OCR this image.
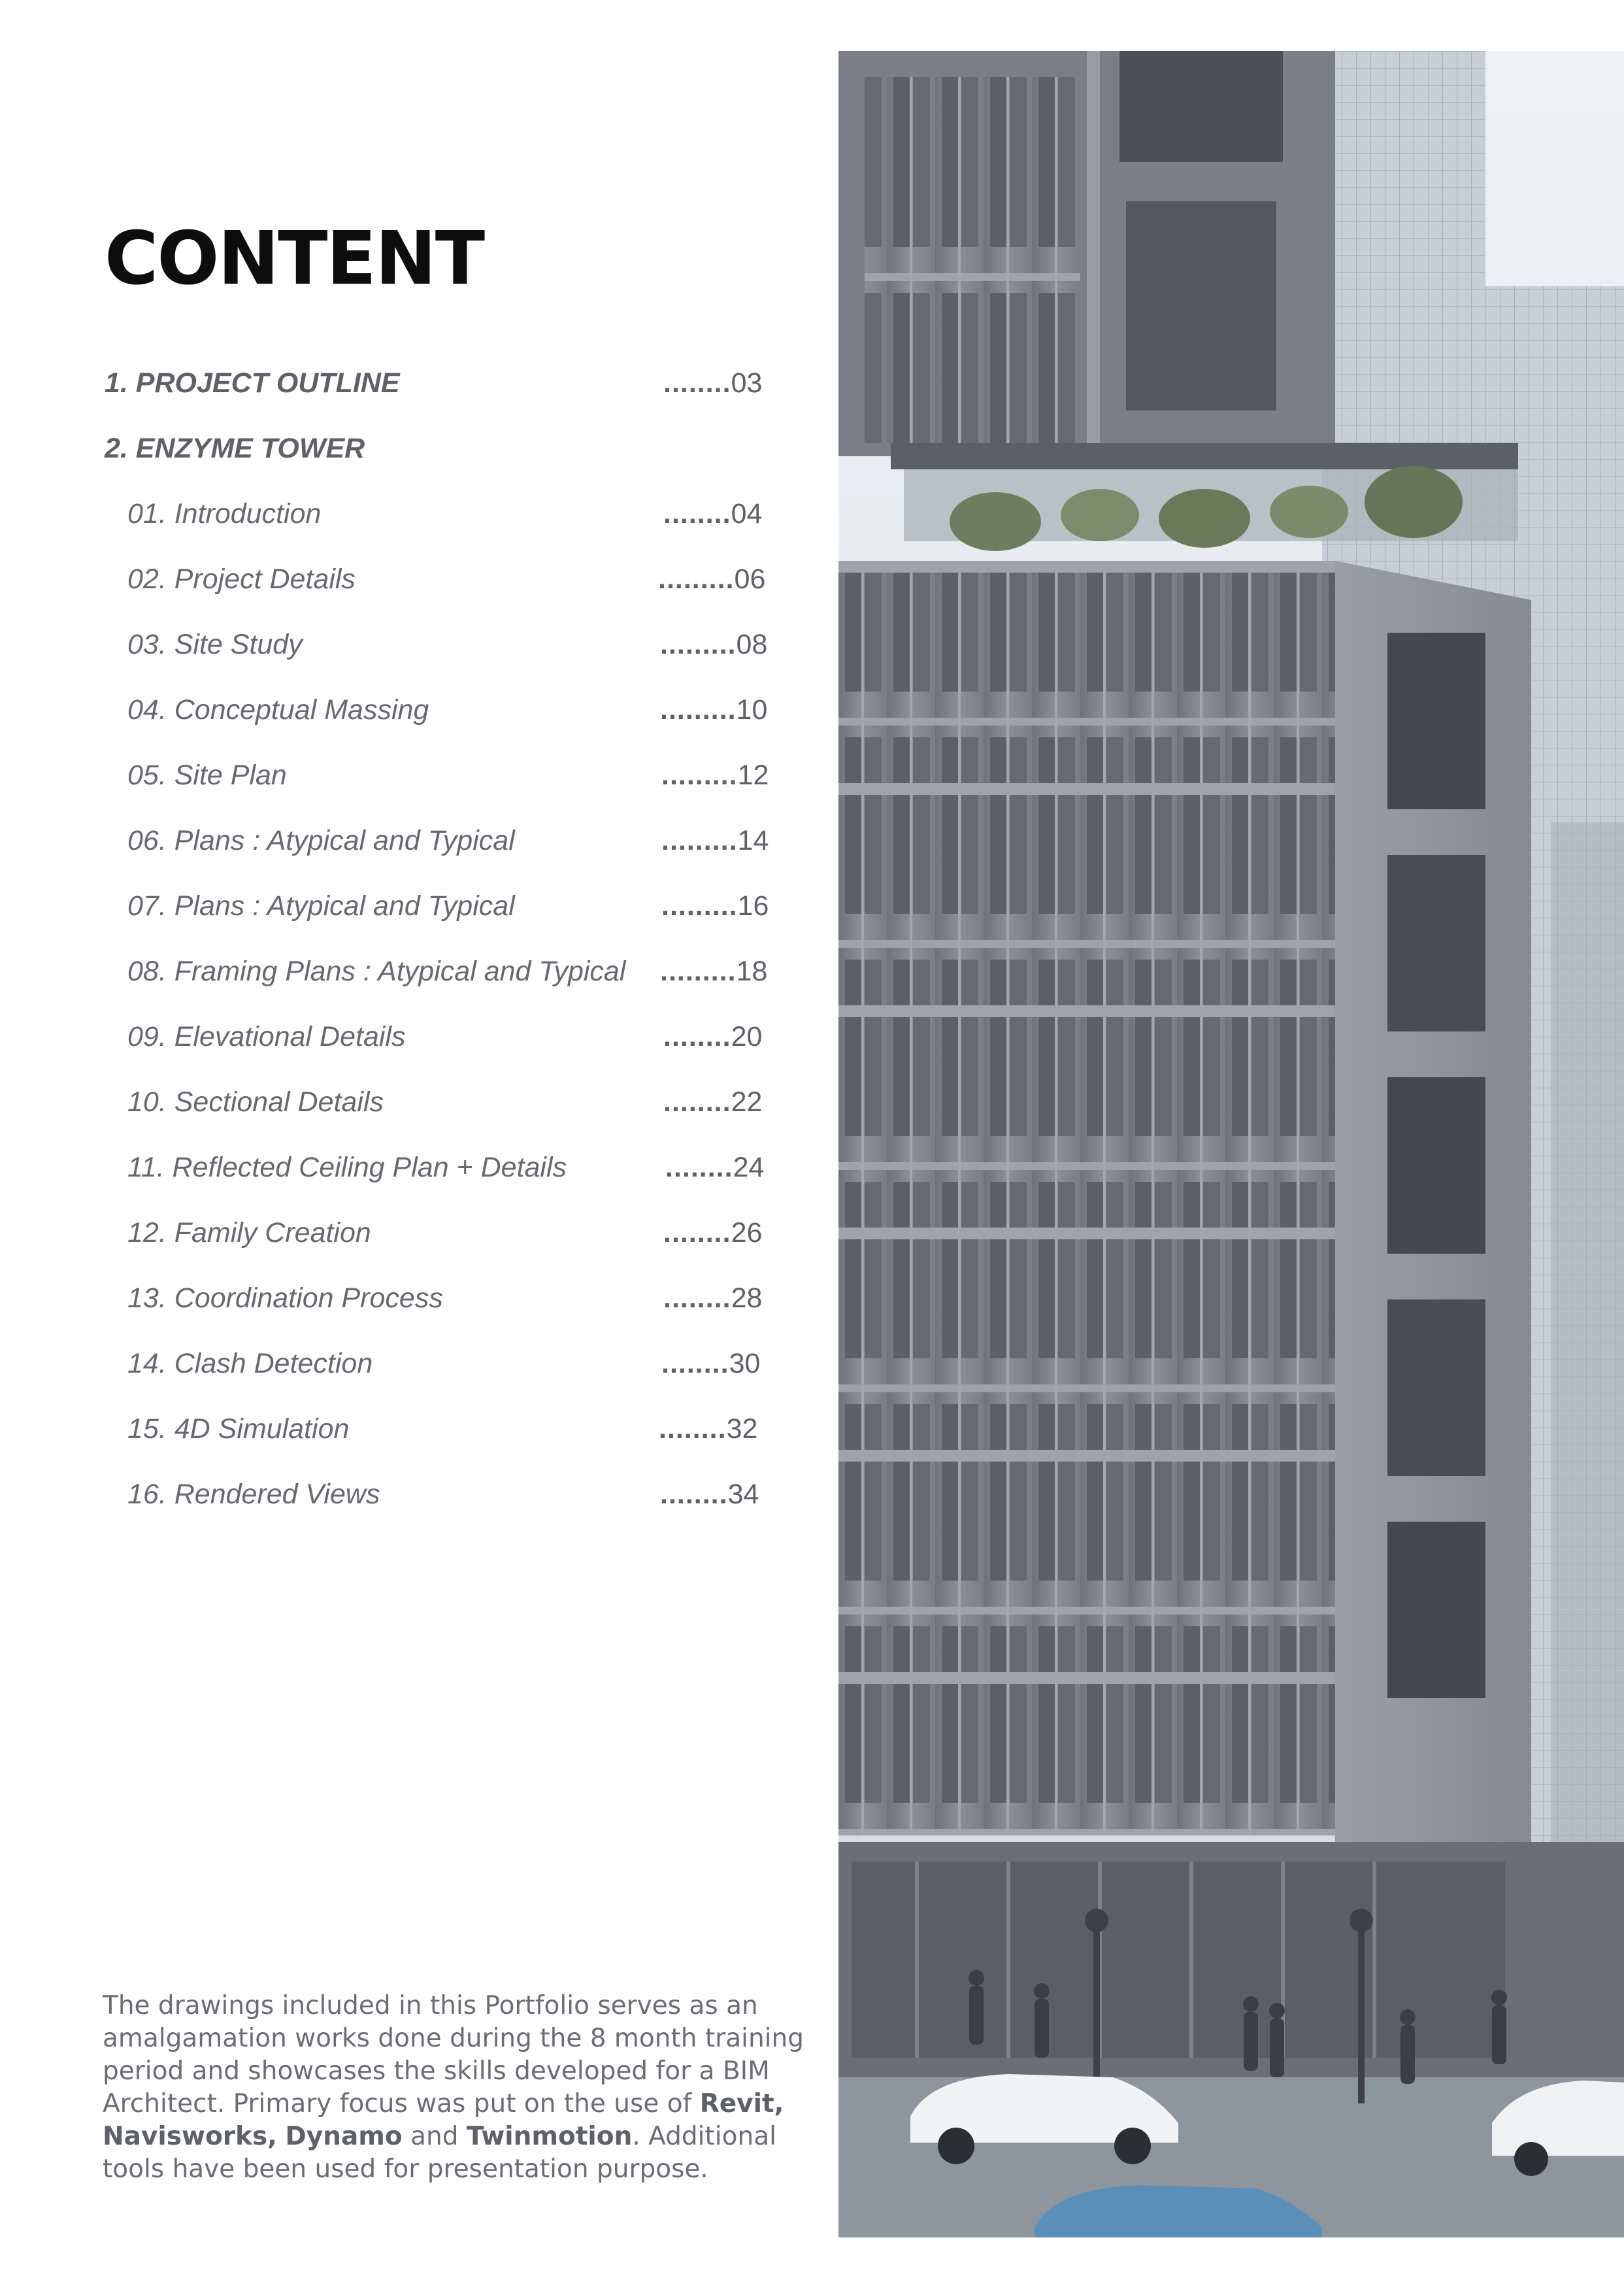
CONTENT
1. PROJECT OUTLINE	........ 03
2. ENZYME TOWER
01. Introduction	........ 04
02. Project Details	......... 06
03. Site Study	......... 08
04. Conceptual Massing	......... 10
05. Site Plan	......... 12
06. Plans : Atypical and Typical	......... 14
07. Plans : Atypical and Typical	......... 16
08. Framing Plans : Atypical and Typical ......... 18
09. Elevational Details	........ 20
10. Sectional Details	........ 22
11. Reflected Ceiling Plan + Details	........ 24
12. Family Creation	........ 26
13. Coordination Process	........ 28
14. Clash Detection	........ 30
15. 4D Simulation	........ 32
16. Rendered Views	........ 34

The drawings included in this Portfolio serves as an amalgamation works done during the 8 month training period and showcases the skills developed for a BIM Architect. Primary focus was put on the use of Revit, Navisworks, Dynamo and Twinmotion. Additional tools have been used for presentation purpose.
